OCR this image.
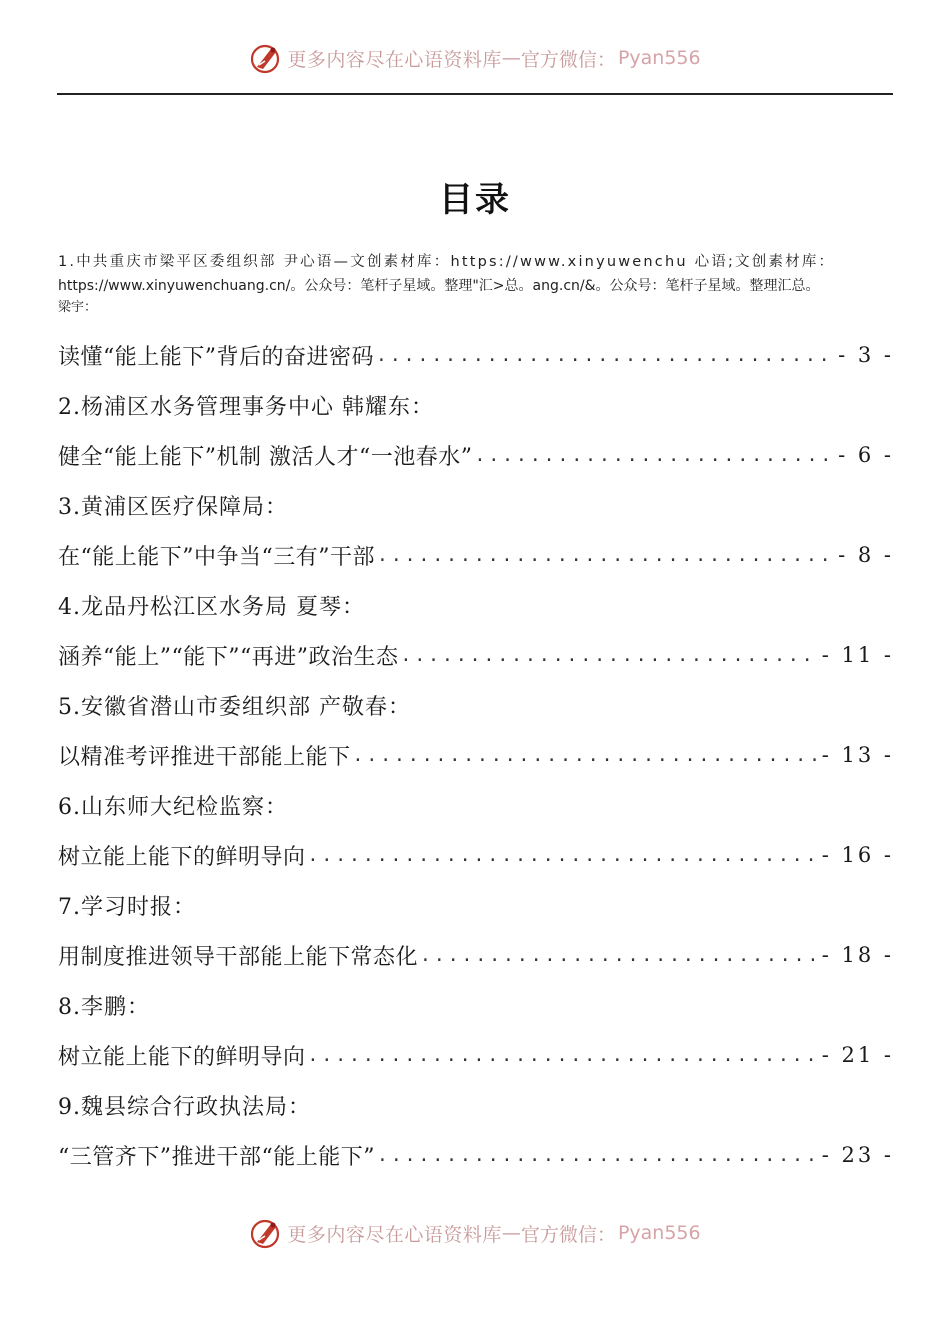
更多内容尽在心语资料库 — 官方微信： Pyan556
目录
1.中共重庆市梁平区委组织部 尹心语—文创素材库：https://www.xinyuwenchu 心语;文创素材库：
https://www.xinyuwenchuang.cn/。公众号：笔杆子星域。整理"汇>总。ang.cn/&。公众号：笔杆子星域。整理汇总。
梁宇：
读懂“能上能下”背后的奋进密码 .....	- 3 -
2.杨浦区水务管理事务中心 韩耀东：
健全“能上能下”机制 激活人才“一池春水” .....	- 6 -
3.黄浦区医疗保障局：
在“能上能下”中争当“三有”干部 .....	- 8 -
4.龙品丹松江区水务局 夏琴：
涵养“能上”“能下”“再进”政治生态 .....	- 11 -
5.安徽省潜山市委组织部 产敬春：
以精准考评推进干部能上能下 .....	- 13 -
6.山东师大纪检监察：
树立能上能下的鲜明导向 .....	- 16 -
7.学习时报：
用制度推进领导干部能上能下常态化 .....	- 18 -
8.李鹏：
树立能上能下的鲜明导向 .....	- 21 -
9.魏县综合行政执法局：
“三管齐下”推进干部“能上能下” .....	- 23 -
更多内容尽在心语资料库 — 官方微信： Pyan556
